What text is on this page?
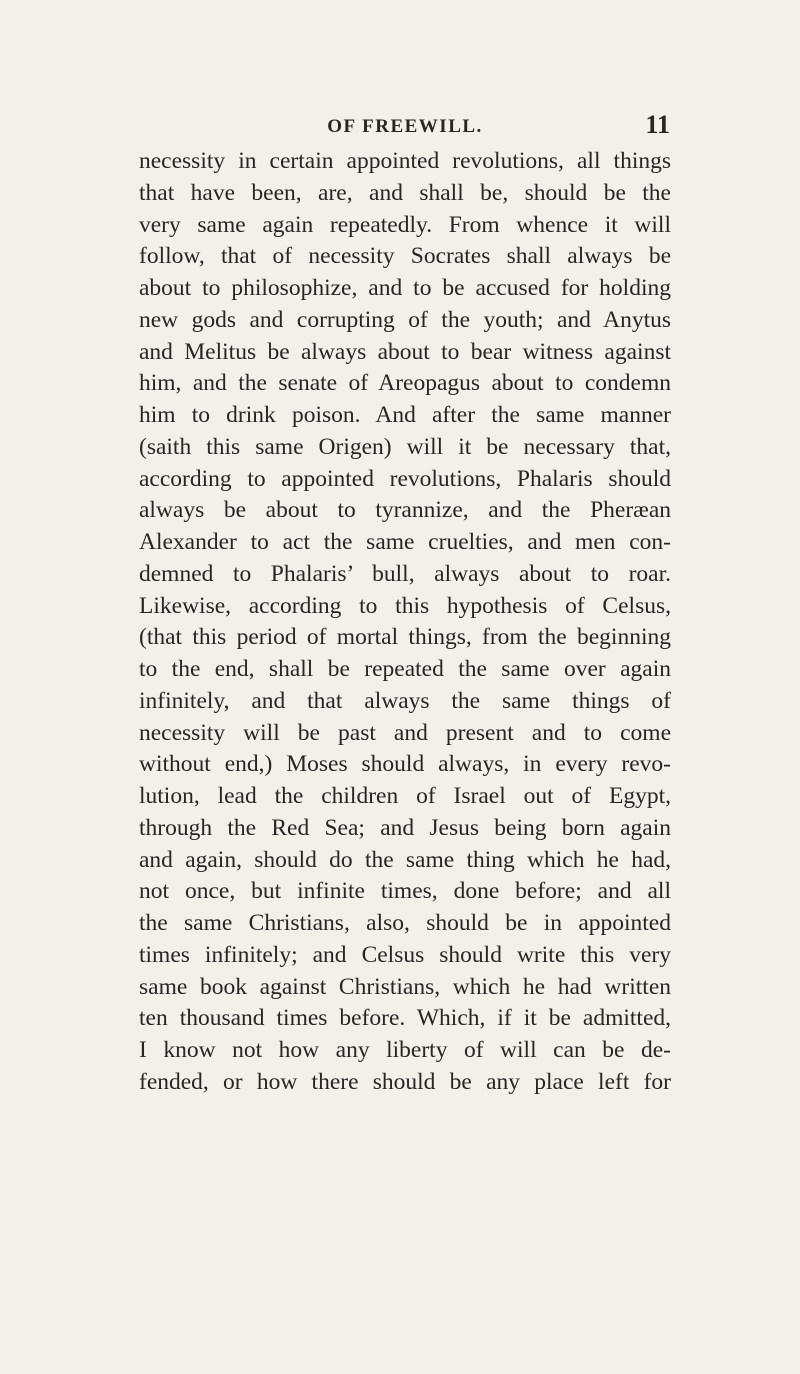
OF FREEWILL.	11
necessity in certain appointed revolutions, all things
that have been, are, and shall be, should be the
very same again repeatedly. From whence it will
follow, that of necessity Socrates shall always be
about to philosophize, and to be accused for holding
new gods and corrupting of the youth; and Anytus
and Melitus be always about to bear witness against
him, and the senate of Areopagus about to condemn
him to drink poison. And after the same manner
(saith this same Origen) will it be necessary that,
according to appointed revolutions, Phalaris should
always be about to tyrannize, and the Pheræan
Alexander to act the same cruelties, and men con-
demned to Phalaris’ bull, always about to roar.
Likewise, according to this hypothesis of Celsus,
(that this period of mortal things, from the beginning
to the end, shall be repeated the same over again
infinitely, and that always the same things of
necessity will be past and present and to come
without end,) Moses should always, in every revo-
lution, lead the children of Israel out of Egypt,
through the Red Sea; and Jesus being born again
and again, should do the same thing which he had,
not once, but infinite times, done before; and all
the same Christians, also, should be in appointed
times infinitely; and Celsus should write this very
same book against Christians, which he had written
ten thousand times before. Which, if it be admitted,
I know not how any liberty of will can be de-
fended, or how there should be any place left for
